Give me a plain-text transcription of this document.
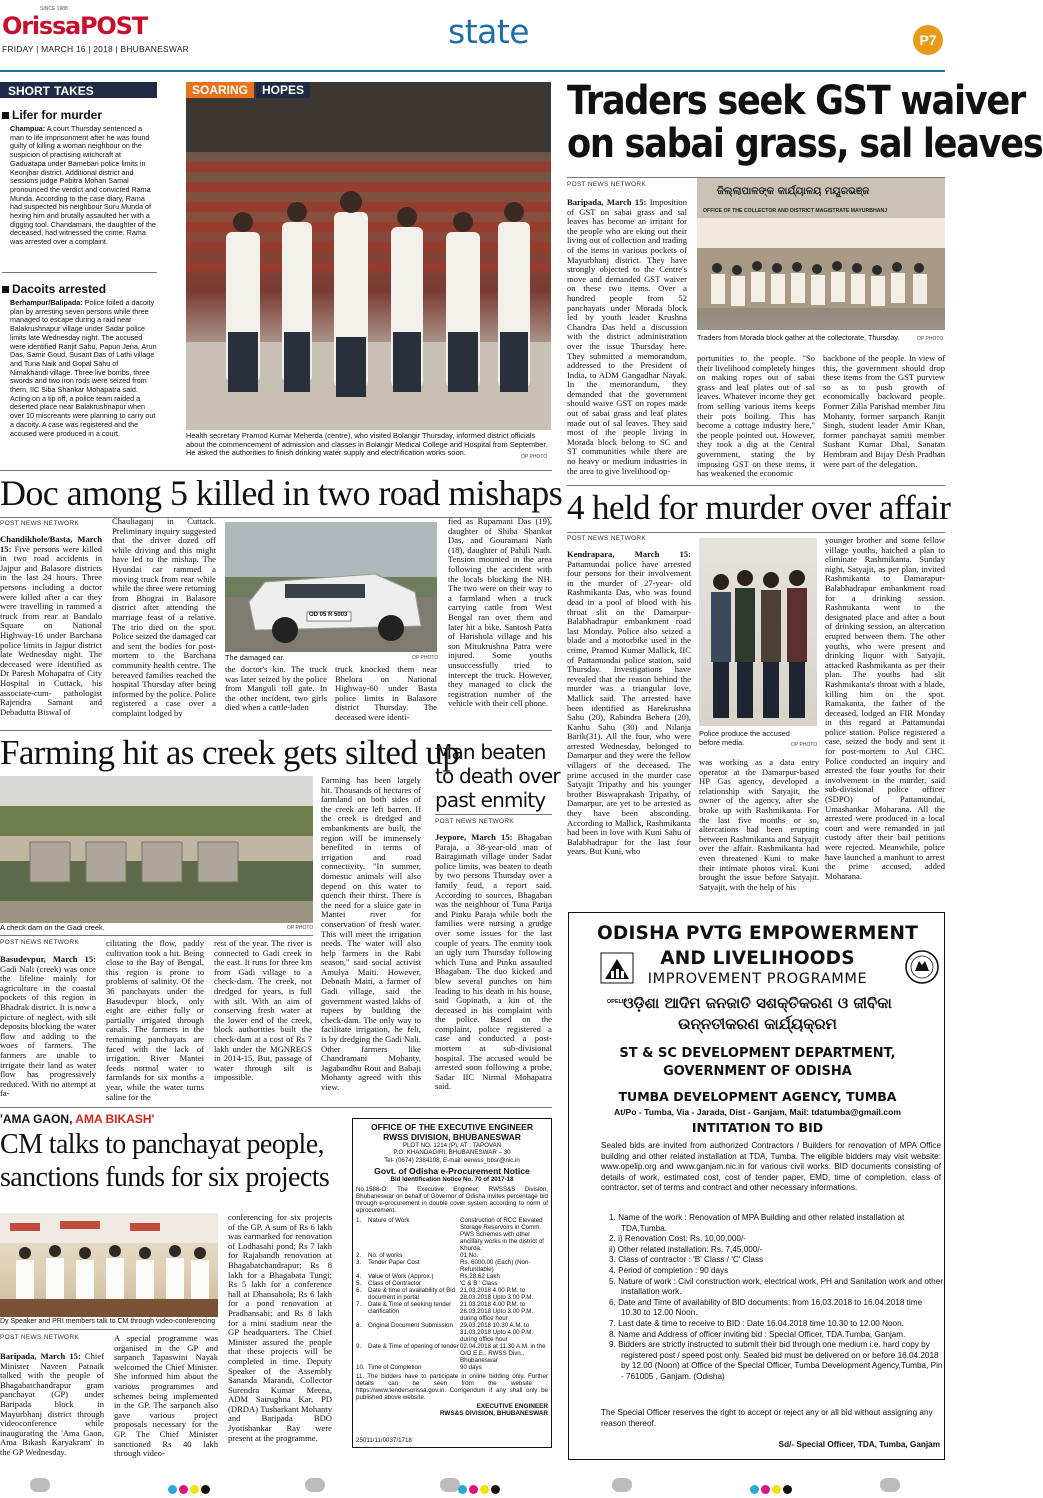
SINCE 1988
OrissaPOST
FRIDAY | MARCH 16 | 2018 | BHUBANESWAR	state	P7
SHORT TAKES
Lifer for murder
Champua: A court Thursday sentenced a man to life imprisonment after he was found guilty of killing a woman neighbour on the suspicion of practising witchcraft at Gaduatapa under Bamebari police limits in Keonjhar district. Additional district and sessions judge Pabitra Mohan Samal pronounced the verdict and convicted Rama Munda. According to the case diary, Rama had suspected his neighbour Suru Munda of hexing him and brutally assaulted her with a digging tool. Chandamani, the daughter of the deceased, had witnessed the crime. Rama was arrested over a complaint.
Dacoits arrested
Berhampur/Balipada: Police foiled a dacoity plan by arresting seven persons while three managed to escape during a raid near Balakrushnapur village under Sadar police limits late Wednesday night. The accused were identified Ranjit Sahu, Papun Jena, Arun Das, Samir Goud, Susant Das of Lathi village and Tuna Naik and Gopal Sahu of Nimakhandi village. Three live bombs, three swords and two iron rods were seized from them, IIC Siba Shankar Mohapatra said. Acting on a tip off, a police team raided a deserted place near Balakrushnapur when over 10 miscreants were planning to carry out a dacoity. A case was registered and the accused were produced in a court.
SOARING	HOPES
Health secretary Pramod Kumar Meherda (centre), who visited Bolangir Thursday, informed district officials about the commencement of admission and classes in Bolangir Medical College and Hospital from September. He asked the authorities to finish drinking water supply and electrification works soon.	OP PHOTO
Traders seek GST waiver
on sabai grass, sal leaves
POST NEWS NETWORK
Baripada, March 15: Imposition of GST on sabai grass and sal leaves has become an irritant for the people who are eking out their living out of collection and trading of the items in various pockets of Mayurbhanj district. They have strongly objected to the Centre's move and demanded GST waiver on these two items. Over a hundred people from 52 panchayats under Morada block led by youth leader Krushna Chandra Das held a discussion with the district administration over the issue Thursday here. They submitted a memorandum, addressed to the President of India, to ADM Gangadhar Nayak. In the memorandum, they demanded that the government should waive GST on ropes made out of sabai grass and leaf plates made out of sal leaves. They said most of the people living in Morada block belong to SC and ST communities while there are no heavy or medium industries in the area to give livelihood op-
ଜିଲ୍ଲାପାଳଙ୍କ କାର୍ଯ୍ୟାଳୟ ମୟୂରଭଞ୍ଜ
OFFICE OF THE COLLECTOR AND DISTRICT MAGISTRATE MAYURBHANJ
Traders from Morada block gather at the collectorate, Thursday.	OP PHOTO
portunities to the people. "So their livelihood completely hinges on making ropes out of sabai grass and leaf plates out of sal leaves. Whatever income they get from selling various items keeps their pots boiling. This has become a cottage industry here," the people pointed out. However, they took a dig at the Central government, stating the by imposing GST on these items, it has weakened the economic
backbone of the people. In view of this, the government should drop these items from the GST purview so as to push growth of economically backward people. Former Zilla Parishad member Jitu Mohanty, former sarpanch Ranjit Singh, student leader Amir Khan, former panchayat samiti member Sushant Kumar Dhal, Sanatan Hembram and Bijay Desh Pradhan were part of the delegation.
Doc among 5 killed in two road mishaps
POST NEWS NETWORK
Chandikhole/Basta, March 15: Five persons were killed in two road accidents in Jajpur and Balasore districts in the last 24 hours. Three persons including a doctor were killed after a car they were travelling in rammed a truck from rear at Bandalo Square on National Highway-16 under Barchana police limits in Jajpur district late Wednesday night. The deceased were identified as Dr Paresh Mohapatra of City Hospital in Cuttack, his associate-cum- pathologist Rajendra Samant and Debadutta Biswal of
Chauliaganj in Cuttack. Preliminary inquiry suggested that the driver dozed off while driving and this might have led to the mishap. The Hyundai car rammed a moving truck from rear while while the three were returning from Bhograi in Balasore district after attending the marriage feast of a relative. The trio died on the spot. Police seized the damaged car and sent the bodies for post-mortem to the Barchana community health centre. The bereaved families reached the hospital Thursday after being informed by the police. Police registered a case over a complaint lodged by
OD 05 R 5003
The damaged car.	OP PHOTO
the doctor's kin. The truck was later seized by the police from Manguli toll gate. In the other incident, two girls died when a cattle-laden
truck knocked them near Bhelora on National Highway-60 under Basta police limits in Balasore district Thursday. The deceased were identi-
fied as Rupamani Das (19), daughter of Shiba Shankar Das, and Gouramani Nath (18), daughter of Pahili Nath. Tension mounted in the area following the accident with the locals blocking the NH. The two were on their way to a farmland when a truck carrying cattle from West Bengal ran over them and later hit a bike. Santosh Patra of Harishola village and his son Mitukrushna Patra were injured. Some youths unsuccessfully tried to intercept the truck. However, they managed to click the registration number of the vehicle with their cell phone.
4 held for murder over affair
POST NEWS NETWORK
Kendrapara, March 15: Pattamundai police have arrested four persons for their involvement in the murder of 27-year- old Rashmikanta Das, who was found dead in a pool of blood with his throat slit on the Damarpur-Balabhadrapur embankment road last Monday. Police also seized a blade and a motorbike used in the crime, Pramod Kumar Mallick, IIC of Pattamundai police station, said Thursday. Investigations have revealed that the reason behind the murder was a triangular love, Mallick said. The arrested have been identified as Harekrushna Sahu (20), Rabindra Behera (20), Kanhu Sahu (30) and Nilanja Barik(31). All the four, who were arrested Wednesday, belonged to Damarpur and they were the fellow villagers of the deceased. The prime accused in the murder case Satyajit Tripathy and his younger brother Biswaprakash Tripathy, of Damarpur, are yet to be arrested as they have been absconding. According to Mallick, Rashmikanta had been in love with Kuni Sahu of Balabhadrapur for the last four years. But Kuni, who
Police produce the accused before media.	OP PHOTO
was working as a data entry operator at the Damarpur-based HP Gas agency, developed a relationship with Satyajit, the owner of the agency, after she broke up with Rashmikanta. For the last five months or so, altercations had been erupting between Rashmikanta and Satyajit over the affair. Rashmikanta had even threatened Kuni to make their intimate photos viral. Kuni brought the issue before Satyajit. Satyajit, with the help of his
younger brother and some fellow village youths, hatched a plan to eliminate Rashmikanta. Sunday night, Satyajit, as per plan, invited Rashmikanta to Damarapur-Balabhadrapur embankment road for a drinking session. Rashmikanta went to the designated place and after a bout of drinking session, an altercation erupted between them. The other youths, who were present and drinking liquor with Satyajit, attacked Rashmikanta as per their plan. The youths had slit Rashmikanta's throat with a blade, killing him on the spot. Ramakanta, the father of the deceased, lodged an FIR Monday in this regard at Pattamundai police station. Police registered a case, seized the body and sent it for post-mortem to Aul CHC. Police conducted an inquiry and arrested the four youths for their involvement in the murder, said sub-divisional police officer (SDPO) of Pattamundai, Umashankar Moharana. All the arrested were produced in a local court and were remanded in jail custody after their bail petitions were rejected. Meanwhile, police have launched a manhunt to arrest the prime accused, added Moharana.
Farming hit as creek gets silted up
A check dam on the Gadi creek.	OP PHOTO
POST NEWS NETWORK
Basudevpur, March 15: Gadi Nali (creek) was once the lifeline mainly for agriculture in the coastal pockets of this region in Bhadrak district. It is now a picture of neglect, with silt deposits blocking the water flow and adding to the woes of farmers. The farmers are unable to irrigate their land as water flow has progressively reduced. With no attempt at fa-
cilitating the flow, paddy cultivation took a hit. Being close to the Bay of Bengal, this region is prone to problems of salinity. Of the 36 panchayats under the Basudevpur block, only eight are either fully or partially irrigated through canals. The farmers in the remaining panchayats are faced with the lack of irrigation. River Mantei feeds normal water to farmlands for six months a year, while the water turns saline for the
rest of the year. The river is connected to Gadi creek in the east. It runs for three km from Gadi village to a check-dam. The creek, not dredged for years, is full with silt. With an aim of conserving fresh water at the lower end of the creek, block authorities built the check-dam at a cost of Rs 7 lakh under the MGNREGS in 2014-15. But, passage of water through silt is impossible.
Farming has been largely hit. Thousands of hectares of farmland on both sides of the creek are left barren. If the creek is dredged and embankments are built, the region will be immensely benefited in terms of irrigation and road connectivity. "In summer, domestic animals will also depend on this water to quench their thirst. There is the need for a sluice gate in Mantei river for conservation of fresh water. This will meet the irrigation needs. The water will also help farmers in the Rabi season," said social activist Amulya Maiti. However, Debnath Maiti, a farmer of Gadi village, said the government wasted lakhs of rupees by building the check-dam. The only way to facilitate irrigation, he felt, is by dredging the Gadi Nali. Other farmers like Chandramani Mohanty, Jagabandhu Rout and Babaji Mohanty agreed with this view.
Man beaten
to death over
past enmity
POST NEWS NETWORK
Jeypore, March 15: Bhagaban Paraja, a 38-year-old man of Bairagimath village under Sadar police limits, was beaten to death by two persons Thursday over a family feud, a report said. According to sources, Bhagaban was the neighbour of Tuna Parija and Pinku Paraja while both the families were nursing a grudge over some issues for the last couple of years. The enmity took an ugly turn Thursday following which Tuna and Pinku assaulted Bhagaban. The duo kicked and blew several punches on him leading to his death in his house, said Gopinath, a kin of the deceased in his complaint with the police. Based on the complaint, police registered a case and conducted a post-mortem at sub-divisional hospital. The accused would be arrested soon following a probe, Sadar IIC Nirmal Mohapatra said.
'AMA GAON, AMA BIKASH'
CM talks to panchayat people,
sanctions funds for six projects
Dy Speaker and PRI members talk to CM through video-conferencing
POST NEWS NETWORK
Baripada, March 15: Chief Minister Naveen Patnaik talked with the people of Bhagabatchandrapur gram panchayat (GP) under Baripada block in Mayurbhanj district through videoconference while inaugurating the 'Ama Gaon, Ama Bikash Karyakram' in the GP Wednesday.
A special programme was organised in the GP and sarpanch Tapaswini Nayak welcomed the Chief Minister. She informed him about the various programmes and schemes being implemented in the GP. The sarpanch also gave various project proposals necessary for the GP. The Chief Minister sanctioned Rs 40 lakh through video-
conferencing for six projects of the GP. A sum of Rs 6 lakh was earmarked for renovation of Lodhasahi pond; Rs 7 lakh for Rajabandh renovation at Bhagabatchandrapur; Rs 8 lakh for a Bhagabata Tungi; Rs 5 lakh for a conference hall at Dhansahola; Rs 6 lakh for a pond renovation at Pradhansahi; and Rs 8 lakh for a mini stadium near the GP headquarters. The Chief Minister assured the people that these projects will be completed in time. Deputy Speaker of the Assembly Sananda Marandi, Collector Surendra Kumar Meena, ADM Satrughna Kar, PD (DRDA) Tusharkant Mohanty and Baripada BDO Jyotishankar Ray were present at the programme.
OFFICE OF THE EXECUTIVE ENGINEER
RWSS DIVISION, BHUBANESWAR
PLOT NO. 1214 (P), AT : TAPOVAN
P.O: KHANDAGIRI, BHUBANESWAR – 30
Tel- (0674) 2384108, E-mail: eerwss_bbsr@nic.in
Govt. of Odisha e-Procurement Notice
Bid Identification Notice No. 70 of 2017-18
No.1588-O: The Executive Engineer, RWSS&S Division, Bhubaneswar on behalf of Governor of Odisha invites percentage bid through e-procurement in double cover system according to norm of eprocurement.
1.	Nature of Work	Construction of RCC Elevated Storage Reservoirs in Comm. PWS Schemes with other ancillary works in the district of Khurda.
2.	No. of works	01 No.
3.	Tender Paper Cost	Rs. 6000.00 (Each) (Non-Refundable)
4.	Value of Work (Approx.)	Rs.28.62 Lakh
5.	Class of Contractor	'C & B ' Class
6.	Date & time of availability of Bid document in portal
21.03.2018 4.00 P.M. to 28.03.2018 Upto 3.00 P.M.
7.	Date & Time of seeking tender clarification
21.03.2018 4.00 P.M. to 26.03.2018 Upto 3.00 P.M. during office hour
8.	Original Document Submission	29.03.2018 10.30 A.M. to 31.03.2018 Upto 4.00 P.M. during office hour
9.	Date & Time of opening of tender 02.04.2018 at 11.30 A.M. in the O/O E.E., RWSS Divn., Bhubaneswar
10. Time of Completion	90 days
11. The bidders have to participate in online bidding only. Further details can be seen from the website : https://www.tendersorissa.gov.in. Corrigendum if any shall only be published above website.
EXECUTIVE ENGINEER
RWS&S DIVISION, BHUBANESWAR
25011/11/0037/1718
OPELIP
ODISHA PVTG EMPOWERMENT
AND LIVELIHOODS
IMPROVEMENT PROGRAMME
ଓଡ଼ିଶା ଆଦିମ ଜନଜାତି ସଶକ୍ତିକରଣ ଓ ଜୀବିକା
ଉନ୍ନତୀକରଣ କାର୍ଯ୍ୟକ୍ରମ
ST & SC DEVELOPMENT DEPARTMENT,
GOVERNMENT OF ODISHA
TUMBA DEVELOPMENT AGENCY, TUMBA
At/Po - Tumba, Via - Jarada, Dist - Ganjam, Mail: tdatumba@gmail.com
INTITATION TO BID
Sealed bids are invited from authorized Contractors / Builders for renovation of MPA Office building and other related installation at TDA, Tumba. The eligible bidders may visit website: www.opelip.org and www.ganjam.nic.in for various civil works. BID documents consisting of details of work, estimated cost, cost of tender paper, EMD, time of completion, class of contractor, set of terms and contract and other necessary informations.
1. Name of the work : Renovation of MPA Building and other related installation at TDA,Tumba.
2. i) Renovation Cost: Rs. 10,00,000/-
ii) Other related installation: Rs. 7,45,000/-
3. Class of contractor : 'B' Class / 'C' Class
4. Period of completion : 90 days
5. Nature of work : Civil construction work, electrical work, PH and Sanitation work and other installation work.
6. Date and Time of availability of BID documents: from 16.03.2018 to 16.04.2018 time 10.30 to 12.00 Noon.
7. Last date & time to receive to BID : Date 16.04.2018 time 10.30 to 12.00 Noon.
8. Name and Address of officer inviting bid : Special Officer, TDA.Tumba, Ganjam.
9. Bidders are strictly instructed to submit their bid through one medium i.e. hard copy by registered post / speed post only. Sealed bid must be delivered on or before 16.04.2018 by 12.00 (Noon) at Office of the Special Officer, Tumba Development Agency,Tumba, Pin - 761005 , Ganjam. (Odisha)
The Special Officer reserves the right to accept or reject any or all bid without assigning any reason thereof.
Sd/- Special Officer, TDA, Tumba, Ganjam
